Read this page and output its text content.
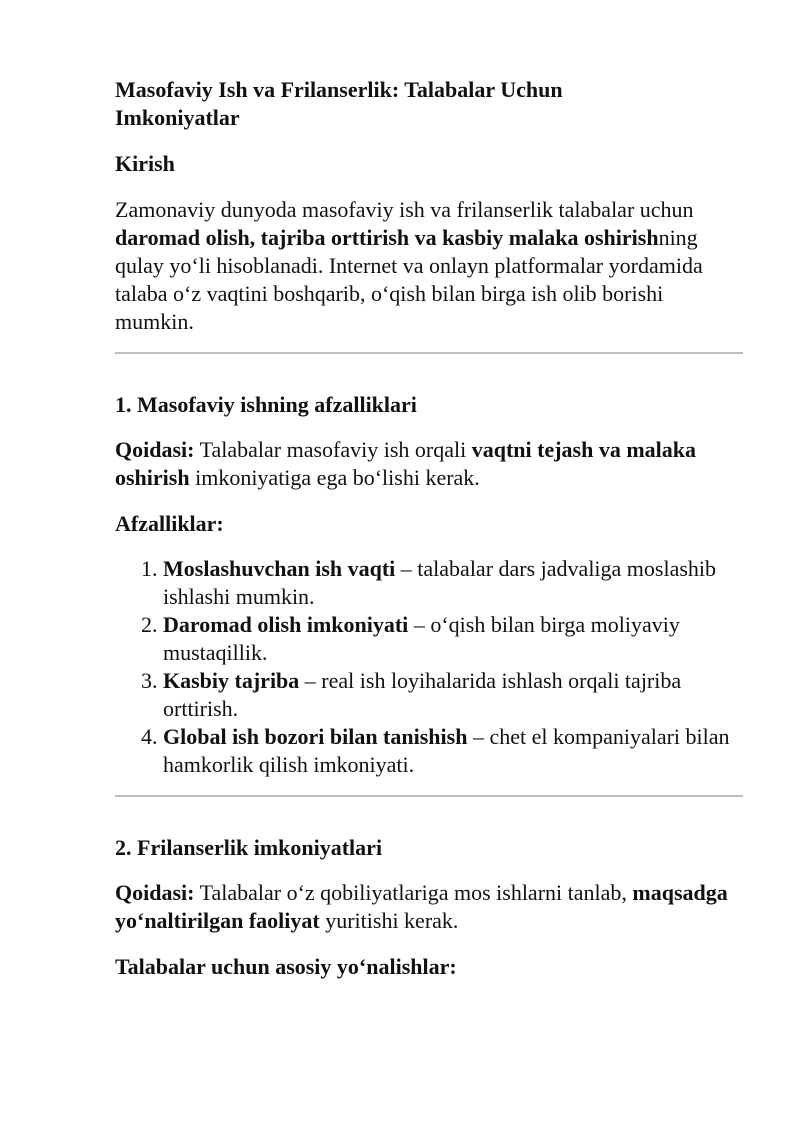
Masofaviy Ish va Frilanserlik: Talabalar Uchun Imkoniyatlar
Kirish

Zamonaviy dunyoda masofaviy ish va frilanserlik talabalar uchun daromad olish, tajriba orttirish va kasbiy malaka oshirishning qulay yo‘li hisoblanadi. Internet va onlayn platformalar yordamida talaba o‘z vaqtini boshqarib, o‘qish bilan birga ish olib borishi mumkin.

1. Masofaviy ishning afzalliklari

Qoidasi: Talabalar masofaviy ish orqali vaqtni tejash va malaka oshirish imkoniyatiga ega bo‘lishi kerak.

Afzalliklar:
1. Moslashuvchan ish vaqti – talabalar dars jadvaliga moslashib ishlashi mumkin.
2. Daromad olish imkoniyati – o‘qish bilan birga moliyaviy mustaqillik.
3. Kasbiy tajriba – real ish loyihalarida ishlash orqali tajriba orttirish.
4. Global ish bozori bilan tanishish – chet el kompaniyalari bilan hamkorlik qilish imkoniyati.
2. Frilanserlik imkoniyatlari

Qoidasi: Talabalar o‘z qobiliyatlariga mos ishlarni tanlab, maqsadga yo‘naltirilgan faoliyat yuritishi kerak.

Talabalar uchun asosiy yo‘nalishlar:
